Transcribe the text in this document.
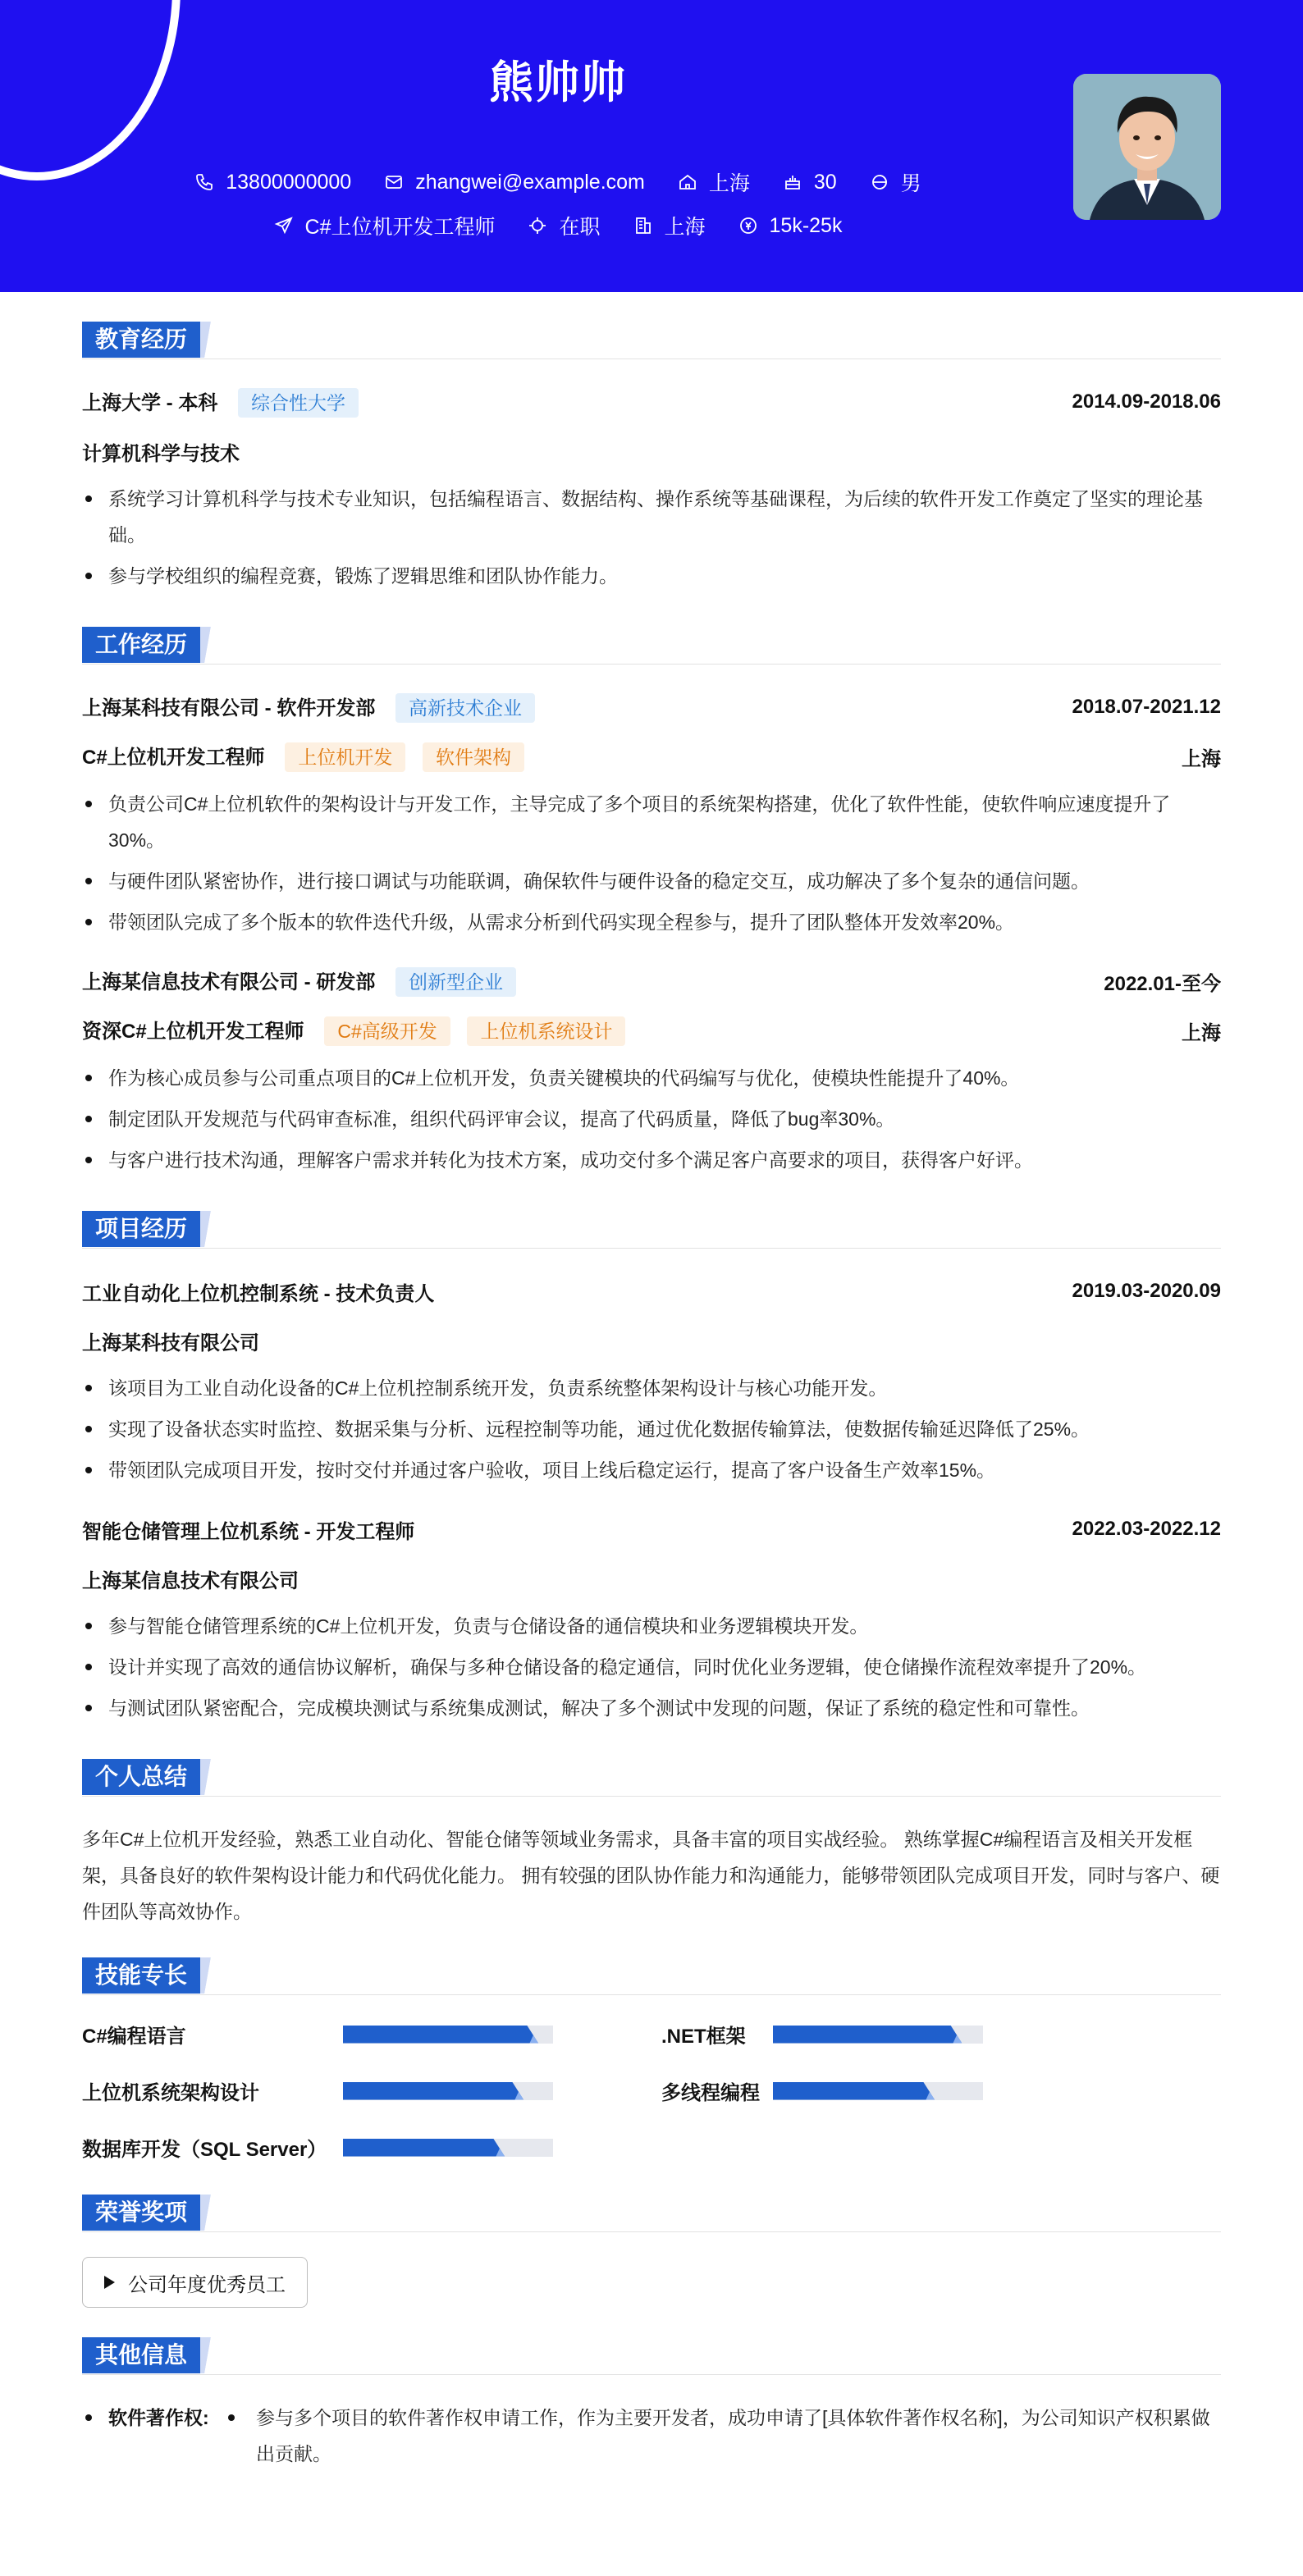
熊帅帅
13800000000	zhangwei@example.com	上海	30	男
C#上位机开发工程师	在职	上海	15k-25k
教育经历
上海大学 - 本科 综合性大学	2014.09-2018.06
计算机科学与技术
系统学习计算机科学与技术专业知识，包括编程语言、数据结构、操作系统等基础课程，为后续的软件开发工作奠定了坚实的理论基础。
参与学校组织的编程竞赛，锻炼了逻辑思维和团队协作能力。
工作经历
上海某科技有限公司 - 软件开发部 高新技术企业	2018.07-2021.12
C#上位机开发工程师 上位机开发 软件架构	上海
负责公司C#上位机软件的架构设计与开发工作，主导完成了多个项目的系统架构搭建，优化了软件性能，使软件响应速度提升了30%。
与硬件团队紧密协作，进行接口调试与功能联调，确保软件与硬件设备的稳定交互，成功解决了多个复杂的通信问题。
带领团队完成了多个版本的软件迭代升级，从需求分析到代码实现全程参与，提升了团队整体开发效率20%。
上海某信息技术有限公司 - 研发部 创新型企业	2022.01-至今
资深C#上位机开发工程师 C#高级开发 上位机系统设计	上海
作为核心成员参与公司重点项目的C#上位机开发，负责关键模块的代码编写与优化，使模块性能提升了40%。
制定团队开发规范与代码审查标准，组织代码评审会议，提高了代码质量，降低了bug率30%。
与客户进行技术沟通，理解客户需求并转化为技术方案，成功交付多个满足客户高要求的项目，获得客户好评。
项目经历
工业自动化上位机控制系统 - 技术负责人	2019.03-2020.09
上海某科技有限公司
该项目为工业自动化设备的C#上位机控制系统开发，负责系统整体架构设计与核心功能开发。
实现了设备状态实时监控、数据采集与分析、远程控制等功能，通过优化数据传输算法，使数据传输延迟降低了25%。
带领团队完成项目开发，按时交付并通过客户验收，项目上线后稳定运行，提高了客户设备生产效率15%。
智能仓储管理上位机系统 - 开发工程师	2022.03-2022.12
上海某信息技术有限公司
参与智能仓储管理系统的C#上位机开发，负责与仓储设备的通信模块和业务逻辑模块开发。
设计并实现了高效的通信协议解析，确保与多种仓储设备的稳定通信，同时优化业务逻辑，使仓储操作流程效率提升了20%。
与测试团队紧密配合，完成模块测试与系统集成测试，解决了多个测试中发现的问题，保证了系统的稳定性和可靠性。
个人总结

多年C#上位机开发经验，熟悉工业自动化、智能仓储等领域业务需求，具备丰富的项目实战经验。 熟练掌握C#编程语言及相关开发框架，具备良好的软件架构设计能力和代码优化能力。 拥有较强的团队协作能力和沟通能力，能够带领团队完成项目开发，同时与客户、硬件团队等高效协作。

技能专长
C#编程语言	.NET框架
上位机系统架构设计	多线程编程
数据库开发（SQL Server）
荣誉奖项
公司年度优秀员工
其他信息
软件著作权:	参与多个项目的软件著作权申请工作，作为主要开发者，成功申请了[具体软件著作权名称]，为公司知识产权积累做出贡献。
